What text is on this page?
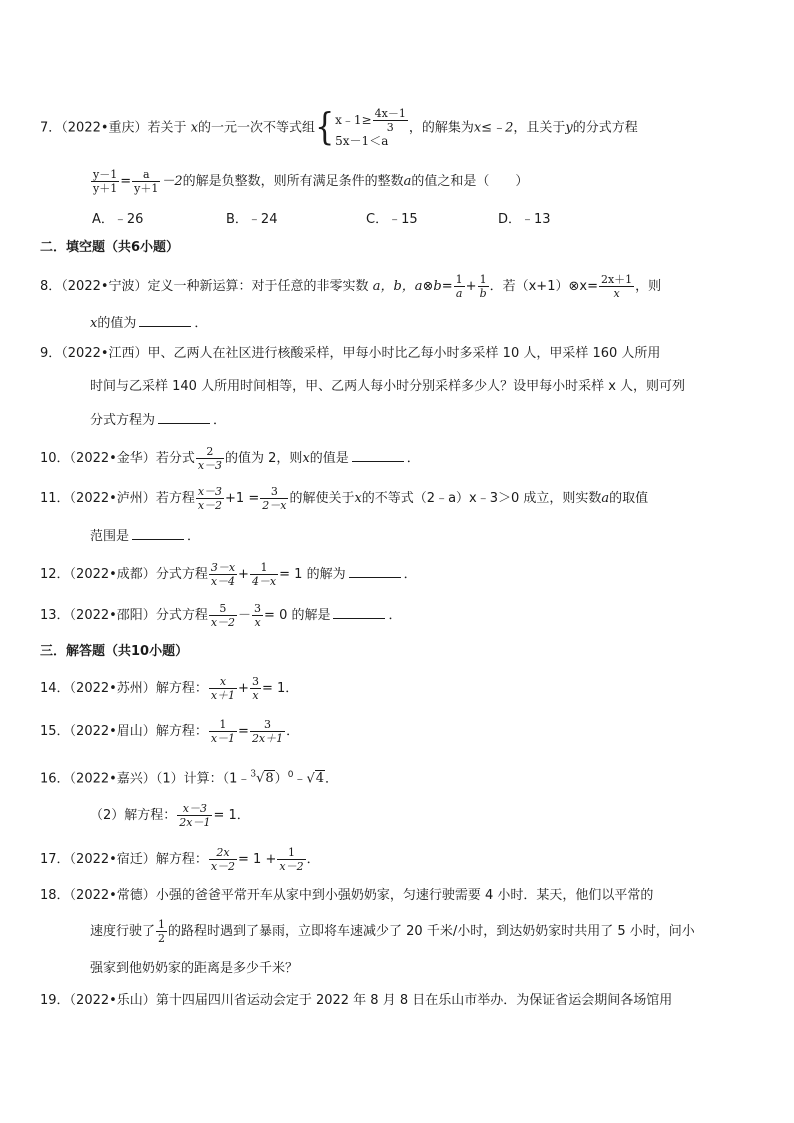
7．（2022•重庆）若关于 x的一元一次不等式组{ x﹣1≥ $\frac{4x-1}{3}$
5x－1＜a
，的解集为x≤﹣2，且关于y的分式方程
$\frac{y-1}{y+1} = \frac{a}{y+1} -2$的解是负整数，则所有满足条件的整数a的值之和是（　　）
A．﹣26	B．﹣24	C．﹣15	D．﹣13
二．填空题（共6小题）
8．（2022•宁波）定义一种新运算：对于任意的非零实数 a，b，a⊗b= $\frac{1}{a} + \frac{1}{b}$ ．若（x+1）⊗x= $\frac{2x+1}{x}$ ，则
x的值为	．
9．（2022•江西）甲、乙两人在社区进行核酸采样，甲每小时比乙每小时多采样 10 人，甲采样 160 人所用
时间与乙采样 140 人所用时间相等，甲、乙两人每小时分别采样多少人？设甲每小时采样 x 人，则可列
分式方程为	．
10．（2022•金华）若分式 $\frac{2}{x-3}$ 的值为 2，则x的值是	．
11．（2022•泸州）若方程 $\frac{x-3}{x-2} +1 = \frac{3}{2-x}$ 的解使关于x的不等式（2﹣a）x﹣3＞0 成立，则实数a的取值
范围是	．
12．（2022•成都）分式方程 $\frac{3-x}{x-4} + \frac{1}{4-x} = 1$ 的解为	．
13．（2022•邵阳）分式方程 $\frac{5}{x-2} - \frac{3}{x} = 0$ 的解是	．
三．解答题（共10小题）
14．（2022•苏州）解方程： $\frac{x}{x+1} + \frac{3}{x} = 1$．
15．（2022•眉山）解方程： $\frac{1}{x-1} = \frac{3}{2x+1}$ ．
16．（2022•嘉兴）（1）计算：（1﹣$^3$√8）$^0$﹣√4．
（2）解方程： $\frac{x-3}{2x-1} = 1$．
17．（2022•宿迁）解方程： $\frac{2x}{x-2} = 1 + \frac{1}{x-2}$ ．
18．（2022•常德）小强的爸爸平常开车从家中到小强奶奶家，匀速行驶需要 4 小时．某天，他们以平常的
速度行驶了 $\frac{1}{2}$ 的路程时遇到了暴雨，立即将车速减少了 20 千米/小时，到达奶奶家时共用了 5 小时，问小
强家到他奶奶家的距离是多少千米？
19．（2022•乐山）第十四届四川省运动会定于 2022 年 8 月 8 日在乐山市举办．为保证省运会期间各场馆用
